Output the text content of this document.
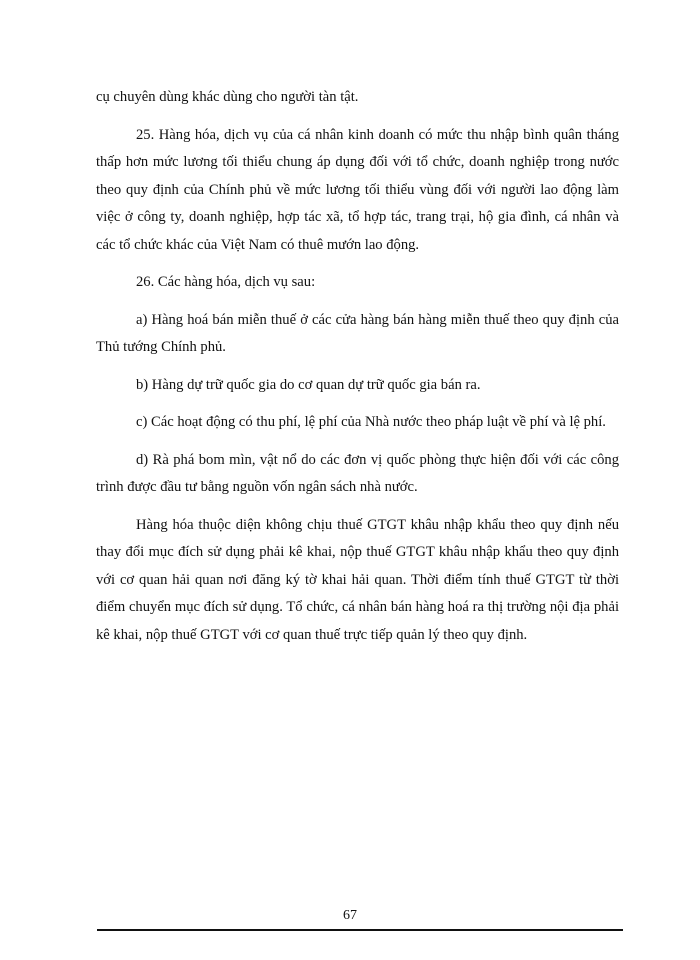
cụ chuyên dùng khác dùng cho người tàn tật.

25. Hàng hóa, dịch vụ của cá nhân kinh doanh có mức thu nhập bình quân tháng thấp hơn mức lương tối thiểu chung áp dụng đối với tổ chức, doanh nghiệp trong nước theo quy định của Chính phủ về mức lương tối thiểu vùng đối với người lao động làm việc ở công ty, doanh nghiệp, hợp tác xã, tổ hợp tác, trang trại, hộ gia đình, cá nhân và các tổ chức khác của Việt Nam có thuê mướn lao động.

26. Các hàng hóa, dịch vụ sau:

a) Hàng hoá bán miễn thuế ở các cửa hàng bán hàng miễn thuế theo quy định của Thủ tướng Chính phủ.

b) Hàng dự trữ quốc gia do cơ quan dự trữ quốc gia bán ra.

c) Các hoạt động có thu phí, lệ phí của Nhà nước theo pháp luật về phí và lệ phí.

d) Rà phá bom mìn, vật nổ do các đơn vị quốc phòng thực hiện đối với các công trình được đầu tư bằng nguồn vốn ngân sách nhà nước.

Hàng hóa thuộc diện không chịu thuế GTGT khâu nhập khẩu theo quy định nếu thay đổi mục đích sử dụng phải kê khai, nộp thuế GTGT khâu nhập khẩu theo quy định với cơ quan hải quan nơi đăng ký tờ khai hải quan. Thời điểm tính thuế GTGT từ thời điểm chuyển mục đích sử dụng. Tổ chức, cá nhân bán hàng hoá ra thị trường nội địa phải kê khai, nộp thuế GTGT với cơ quan thuế trực tiếp quản lý theo quy định.

67
